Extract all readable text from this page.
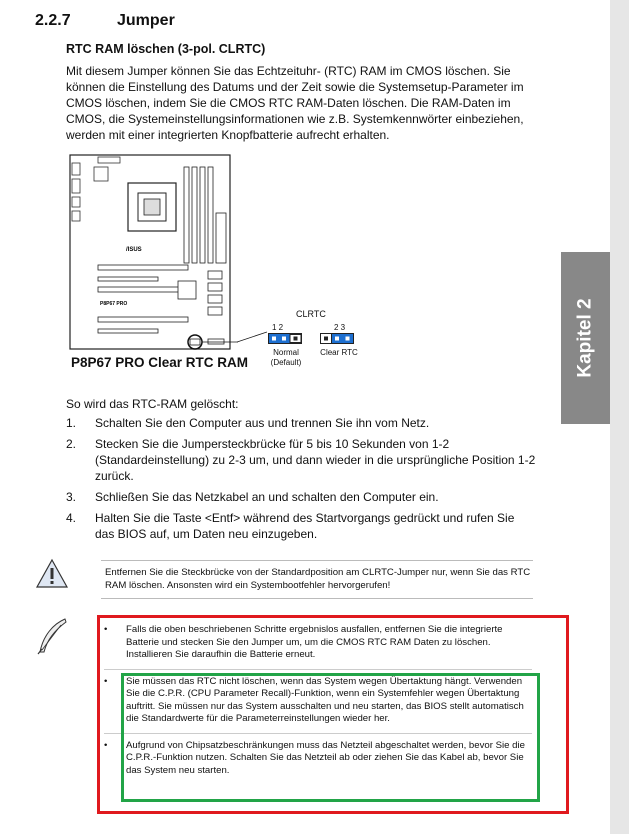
Kapitel 2
2.2.7	Jumper
RTC RAM löschen (3-pol. CLRTC)
Mit diesem Jumper können Sie das Echtzeituhr- (RTC) RAM im CMOS löschen. Sie können die Einstellung des Datums und der Zeit sowie die Systemsetup-Parameter im CMOS löschen, indem Sie die CMOS RTC RAM-Daten löschen. Die RAM-Daten im CMOS, die Systemeinstellungsinformationen wie z.B. Systemkennwörter einbeziehen, werden mit einer integrierten Knopfbatterie aufrecht erhalten.
/ISUS
P8P67 PRO
P8P67 PRO Clear RTC RAM
CLRTC
1 2
Normal
(Default)
2 3
Clear RTC
So wird das RTC-RAM gelöscht:
1.	Schalten Sie den Computer aus und trennen Sie ihn vom Netz.
2.	Stecken Sie die Jumpersteckbrücke für 5 bis 10 Sekunden von 1-2 (Standardeinstellung) zu 2-3 um, und dann wieder in die ursprüngliche Position 1-2 zurück.
3.	Schließen Sie das Netzkabel an und schalten den Computer ein.
4.	Halten Sie die Taste <Entf> während des Startvorgangs gedrückt und rufen Sie das BIOS auf, um Daten neu einzugeben.
Entfernen Sie die Steckbrücke von der Standardposition am CLRTC-Jumper nur, wenn Sie das RTC RAM löschen. Ansonsten wird ein Systembootfehler hervorgerufen!
•	Falls die oben beschriebenen Schritte ergebnislos ausfallen, entfernen Sie die integrierte Batterie und stecken Sie den Jumper um, um die CMOS RTC RAM Daten zu löschen. Installieren Sie daraufhin die Batterie erneut.
•	Sie müssen das RTC nicht löschen, wenn das System wegen Übertaktung hängt. Verwenden Sie die C.P.R. (CPU Parameter Recall)-Funktion, wenn ein Systemfehler wegen Übertaktung auftritt. Sie müssen nur das System ausschalten und neu starten, das BIOS stellt automatisch die Standardwerte für die Parameterreinstellungen wieder her.
•	Aufgrund von Chipsatzbeschränkungen muss das Netzteil abgeschaltet werden, bevor Sie die C.P.R.-Funktion nutzen. Schalten Sie das Netzteil ab oder ziehen Sie das Kabel ab, bevor Sie das System neu starten.
